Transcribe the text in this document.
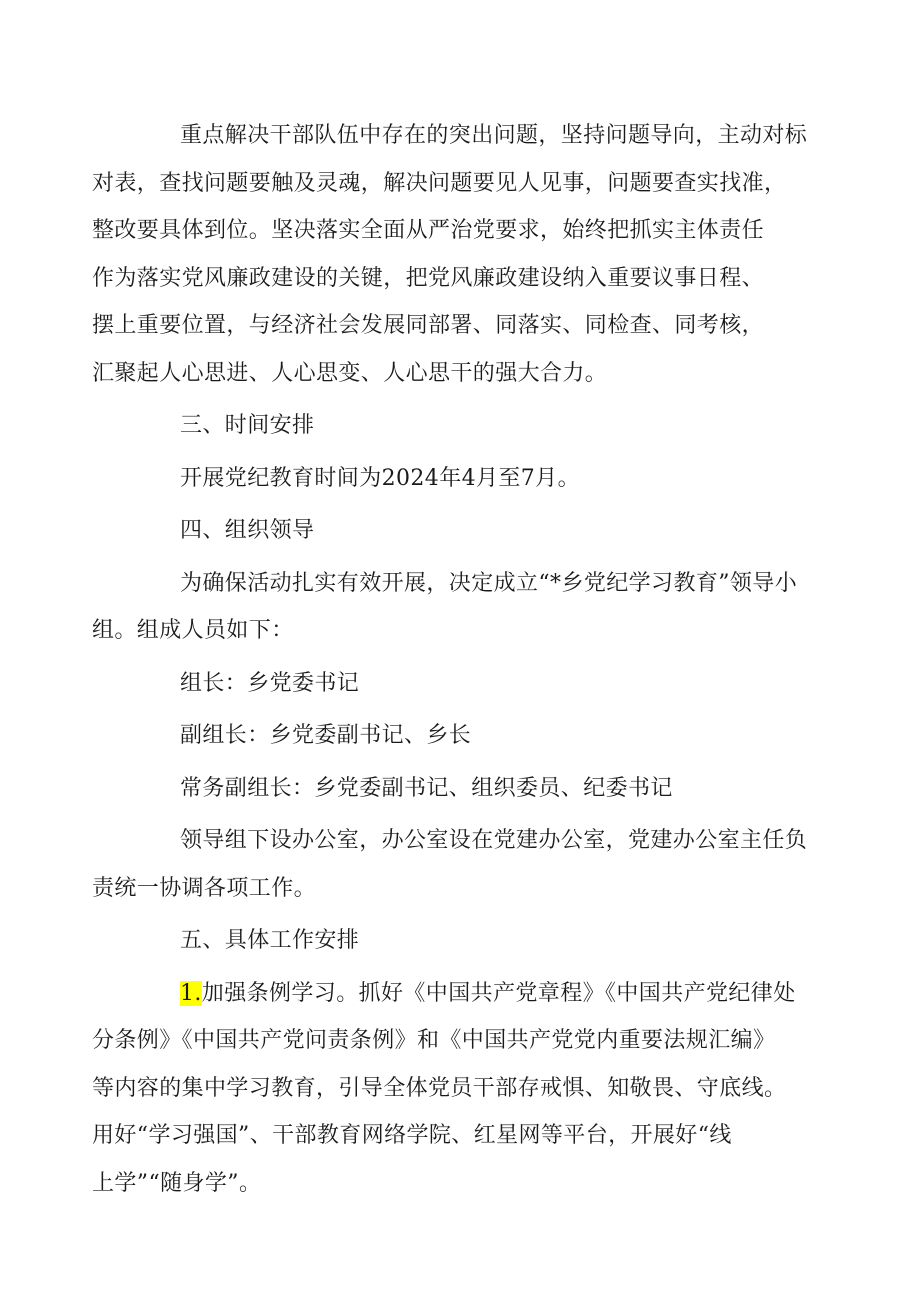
重点解决干部队伍中存在的突出问题，坚持问题导向，主动对标
对表，查找问题要触及灵魂，解决问题要见人见事，问题要查实找准，
整改要具体到位。坚决落实全面从严治党要求，始终把抓实主体责任
作为落实党风廉政建设的关键，把党风廉政建设纳入重要议事日程、
摆上重要位置，与经济社会发展同部署、同落实、同检查、同考核，
汇聚起人心思进、人心思变、人心思干的强大合力。

三、时间安排

开展党纪教育时间为2024年4月至7月。

四、组织领导

为确保活动扎实有效开展，决定成立“*乡党纪学习教育”领导小
组。组成人员如下：

组长：乡党委书记

副组长：乡党委副书记、乡长

常务副组长：乡党委副书记、组织委员、纪委书记

领导组下设办公室，办公室设在党建办公室，党建办公室主任负
责统一协调各项工作。

五、具体工作安排

1.加强条例学习。抓好《中国共产党章程》《中国共产党纪律处
分条例》《中国共产党问责条例》和《中国共产党党内重要法规汇编》
等内容的集中学习教育，引导全体党员干部存戒惧、知敬畏、守底线。
用好“学习强国”、干部教育网络学院、红星网等平台，开展好“线
上学”“随身学”。
